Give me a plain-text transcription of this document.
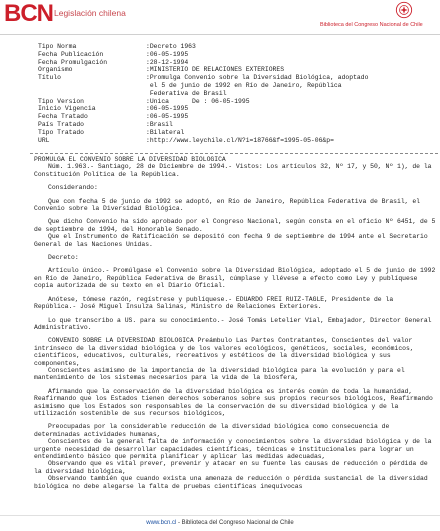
BCN Legislación chilena
Biblioteca del Congreso Nacional de Chile
Tipo Norma	:Decreto 1963
Fecha Publicación	:06-05-1995
Fecha Promulgación	:28-12-1994
Organismo	:MINISTERIO DE RELACIONES EXTERIORES
Título	:Promulga Convenio sobre la Diversidad Biológica, adoptado
el 5 de junio de 1992 en Río de Janeiro, República
Federativa de Brasil
Tipo Version	:Unica      De : 06-05-1995
Inicio Vigencia	:06-05-1995
Fecha Tratado	:06-05-1995
País Tratado	:Brasil
Tipo Tratado	:Bilateral
URL	:http://www.leychile.cl/N?i=18766&f=1995-05-06&p=

PROMULGA EL CONVENIO SOBRE LA DIVERSIDAD BIOLOGICA

Núm. 1.963.- Santiago, 28 de Diciembre de 1994.- Vistos: Los artículos 32, Nº 17, y 50, Nº 1), de la Constitución Política de la República.

Considerando:

Que con fecha 5 de junio de 1992 se adoptó, en Río de Janeiro, República Federativa de Brasil, el Convenio sobre la Diversidad Biológica.

Que dicho Convenio ha sido aprobado por el Congreso Nacional, según consta en el oficio Nº 6451, de 5 de septiembre de 1994, del Honorable Senado.

Que el Instrumento de Ratificación se depositó con fecha 9 de septiembre de 1994 ante el Secretario General de las Naciones Unidas.

Decreto:

Artículo único.- Promúlgase el Convenio sobre la Diversidad Biológica, adoptado el 5 de junio de 1992 en Río de Janeiro, República Federativa de Brasil, cúmplase y llévese a efecto como Ley y publíquese copia autorizada de su texto en el Diario Oficial.

Anótese, tómese razón, regístrese y publíquese.- EDUARDO FREI RUIZ-TAGLE, Presidente de la República.- José Miguel Insulza Salinas, Ministro de Relaciones Exteriores.

Lo que transcribo a US. para su conocimiento.- José Tomás Letelier Vial, Embajador, Director General Administrativo.

CONVENIO SOBRE LA DIVERSIDAD BIOLOGICA Preámbulo Las Partes Contratantes, Conscientes del valor intrínseco de la diversidad biológica y de los valores ecológicos, genéticos, sociales, económicos, científicos, educativos, culturales, recreativos y estéticos de la diversidad biológica y sus componentes,

Conscientes asimismo de la importancia de la diversidad biológica para la evolución y para el mantenimiento de los sistemas necesarios para la vida de la biosfera,

Afirmando que la conservación de la diversidad biológica es interés común de toda la humanidad, Reafirmando que los Estados tienen derechos soberanos sobre sus propios recursos biológicos, Reafirmando asimismo que los Estados son responsables de la conservación de su diversidad biológica y de la utilización sostenible de sus recursos biológicos,

Preocupadas por la considerable reducción de la diversidad biológica como consecuencia de determinadas actividades humanas,

Conscientes de la general falta de información y conocimientos sobre la diversidad biológica y de la urgente necesidad de desarrollar capacidades científicas, técnicas e institucionales para lograr un entendimiento básico que permita planificar y aplicar las medidas adecuadas,

Observando que es vital prever, prevenir y atacar en su fuente las causas de reducción o pérdida de la diversidad biológica,

Observando también que cuando exista una amenaza de reducción o pérdida sustancial de la diversidad biológica no debe alegarse la falta de pruebas científicas inequívocas

www.bcn.cl - Biblioteca del Congreso Nacional de Chile
